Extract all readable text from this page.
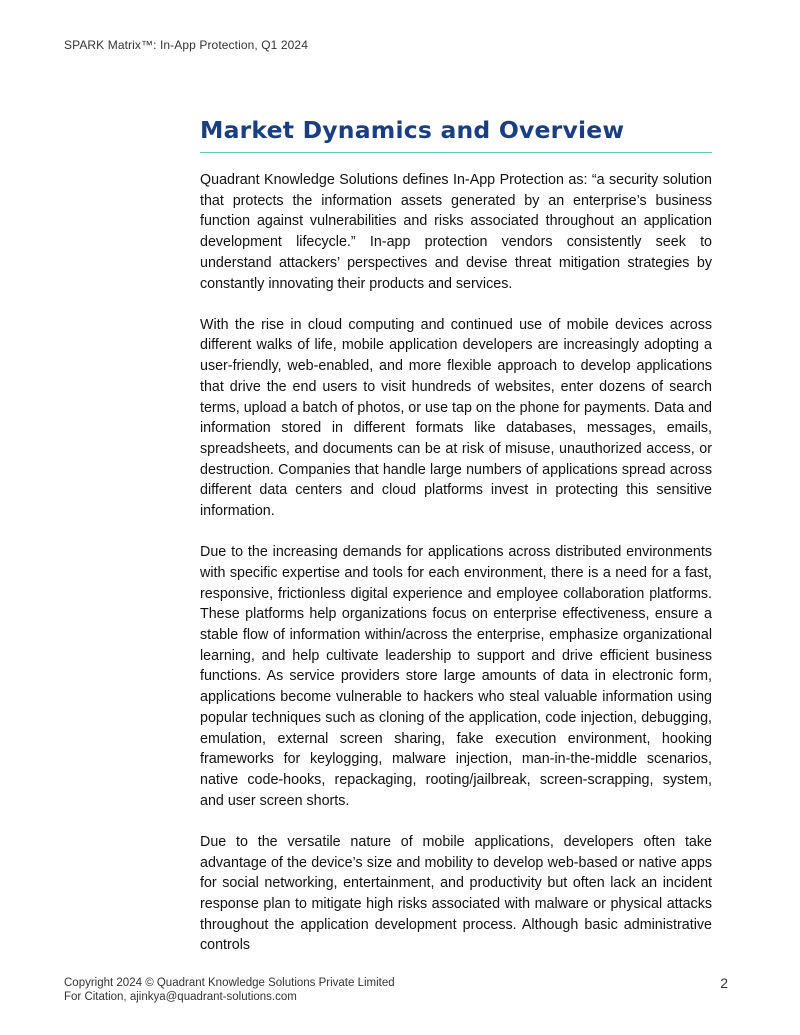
SPARK Matrix™: In-App Protection, Q1 2024
Market Dynamics and Overview

Quadrant Knowledge Solutions defines In-App Protection as: “a security solution that protects the information assets generated by an enterprise’s business function against vulnerabilities and risks associated throughout an application development lifecycle.” In-app protection vendors consistently seek to understand attackers’ perspectives and devise threat mitigation strategies by constantly innovating their products and services.

With the rise in cloud computing and continued use of mobile devices across different walks of life, mobile application developers are increasingly adopting a user-friendly, web-enabled, and more flexible approach to develop applications that drive the end users to visit hundreds of websites, enter dozens of search terms, upload a batch of photos, or use tap on the phone for payments. Data and information stored in different formats like databases, messages, emails, spreadsheets, and documents can be at risk of misuse, unauthorized access, or destruction. Companies that handle large numbers of applications spread across different data centers and cloud platforms invest in protecting this sensitive information.

Due to the increasing demands for applications across distributed environments with specific expertise and tools for each environment, there is a need for a fast, responsive, frictionless digital experience and employee collaboration platforms. These platforms help organizations focus on enterprise effectiveness, ensure a stable flow of information within/across the enterprise, emphasize organizational learning, and help cultivate leadership to support and drive efficient business functions. As service providers store large amounts of data in electronic form, applications become vulnerable to hackers who steal valuable information using popular techniques such as cloning of the application, code injection, debugging, emulation, external screen sharing, fake execution environment, hooking frameworks for keylogging, malware injection, man-in-the-middle scenarios, native code-hooks, repackaging, rooting/jailbreak, screen-scrapping, system, and user screen shorts.

Due to the versatile nature of mobile applications, developers often take advantage of the device’s size and mobility to develop web-based or native apps for social networking, entertainment, and productivity but often lack an incident response plan to mitigate high risks associated with malware or physical attacks throughout the application development process. Although basic administrative controls

Copyright 2024 © Quadrant Knowledge Solutions Private Limited
For Citation, ajinkya@quadrant-solutions.com
2
